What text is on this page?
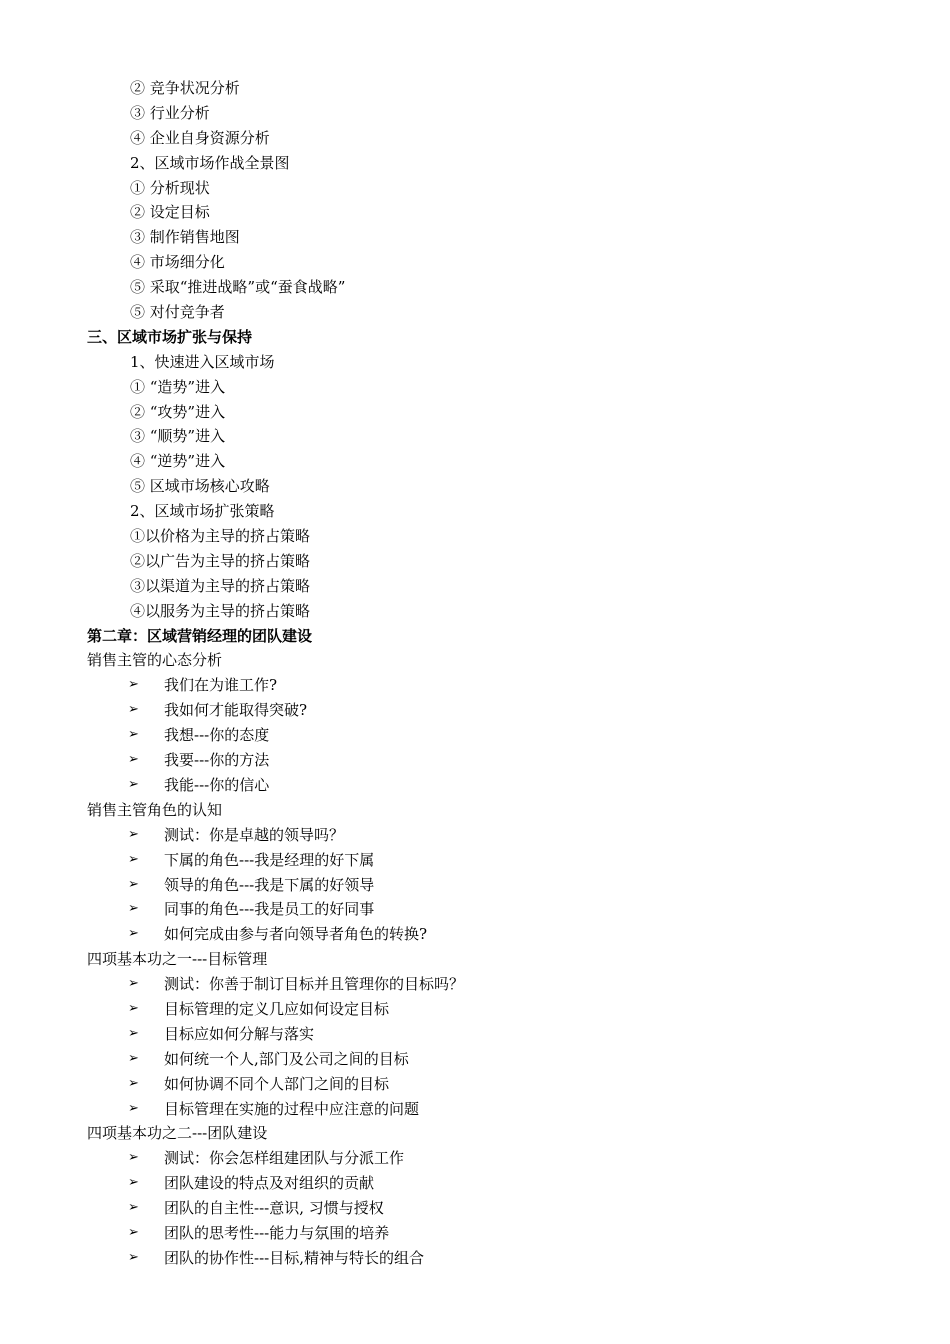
② 竞争状况分析
③ 行业分析
④ 企业自身资源分析
2、区域市场作战全景图
① 分析现状
② 设定目标
③ 制作销售地图
④ 市场细分化
⑤ 采取“推进战略”或“蚕食战略”
⑤ 对付竞争者
三、区域市场扩张与保持
1、快速进入区域市场
① “造势”进入
② “攻势”进入
③ “顺势”进入
④ “逆势”进入
⑤ 区域市场核心攻略
2、区域市场扩张策略
①以价格为主导的挤占策略
②以广告为主导的挤占策略
③以渠道为主导的挤占策略
④以服务为主导的挤占策略
第二章：区域营销经理的团队建设
销售主管的心态分析
➢ 我们在为谁工作?
➢ 我如何才能取得突破?
➢ 我想---你的态度
➢ 我要---你的方法
➢ 我能---你的信心
销售主管角色的认知
➢ 测试：你是卓越的领导吗？
➢ 下属的角色---我是经理的好下属
➢ 领导的角色---我是下属的好领导
➢ 同事的角色---我是员工的好同事
➢ 如何完成由参与者向领导者角色的转换?
四项基本功之一---目标管理
➢ 测试：你善于制订目标并且管理你的目标吗？
➢ 目标管理的定义几应如何设定目标
➢ 目标应如何分解与落实
➢ 如何统一个人,部门及公司之间的目标
➢ 如何协调不同个人部门之间的目标
➢ 目标管理在实施的过程中应注意的问题
四项基本功之二---团队建设
➢ 测试：你会怎样组建团队与分派工作
➢ 团队建设的特点及对组织的贡献
➢ 团队的自主性---意识, 习惯与授权
➢ 团队的思考性---能力与氛围的培养
➢ 团队的协作性---目标,精神与特长的组合
